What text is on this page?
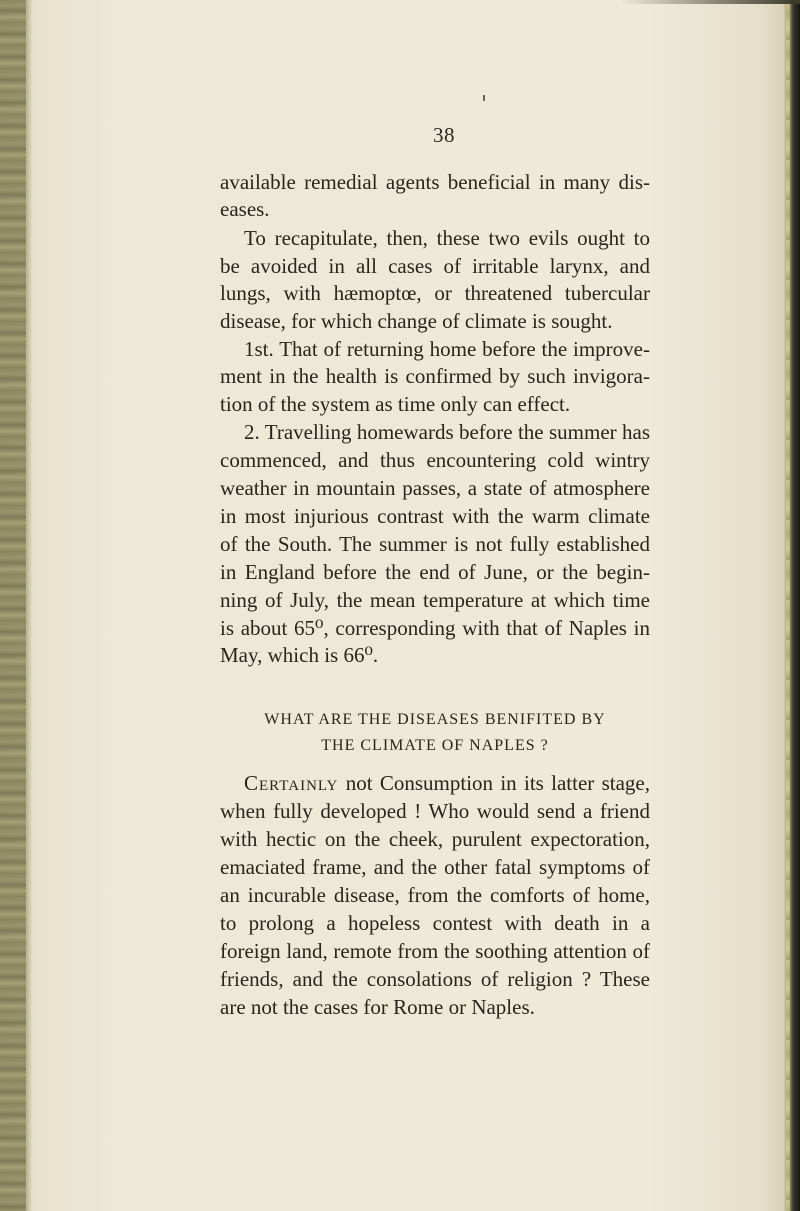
38
available remedial agents beneficial in many dis-
eases.
To recapitulate, then, these two evils ought to
be avoided in all cases of irritable larynx, and
lungs, with hæmoptœ, or threatened tubercular
disease, for which change of climate is sought.
1st. That of returning home before the improve-
ment in the health is confirmed by such invigora-
tion of the system as time only can effect.
2. Travelling homewards before the summer has
commenced, and thus encountering cold wintry
weather in mountain passes, a state of atmosphere
in most injurious contrast with the warm climate
of the South. The summer is not fully established
in England before the end of June, or the begin-
ning of July, the mean temperature at which time
is about 65⁰, corresponding with that of Naples in
May, which is 66⁰.
WHAT ARE THE DISEASES BENIFITED BY
THE CLIMATE OF NAPLES ?
Certainly not Consumption in its latter stage,
when fully developed ! Who would send a friend
with hectic on the cheek, purulent expectoration,
emaciated frame, and the other fatal symptoms of
an incurable disease, from the comforts of home,
to prolong a hopeless contest with death in a
foreign land, remote from the soothing attention of
friends, and the consolations of religion ? These
are not the cases for Rome or Naples.
